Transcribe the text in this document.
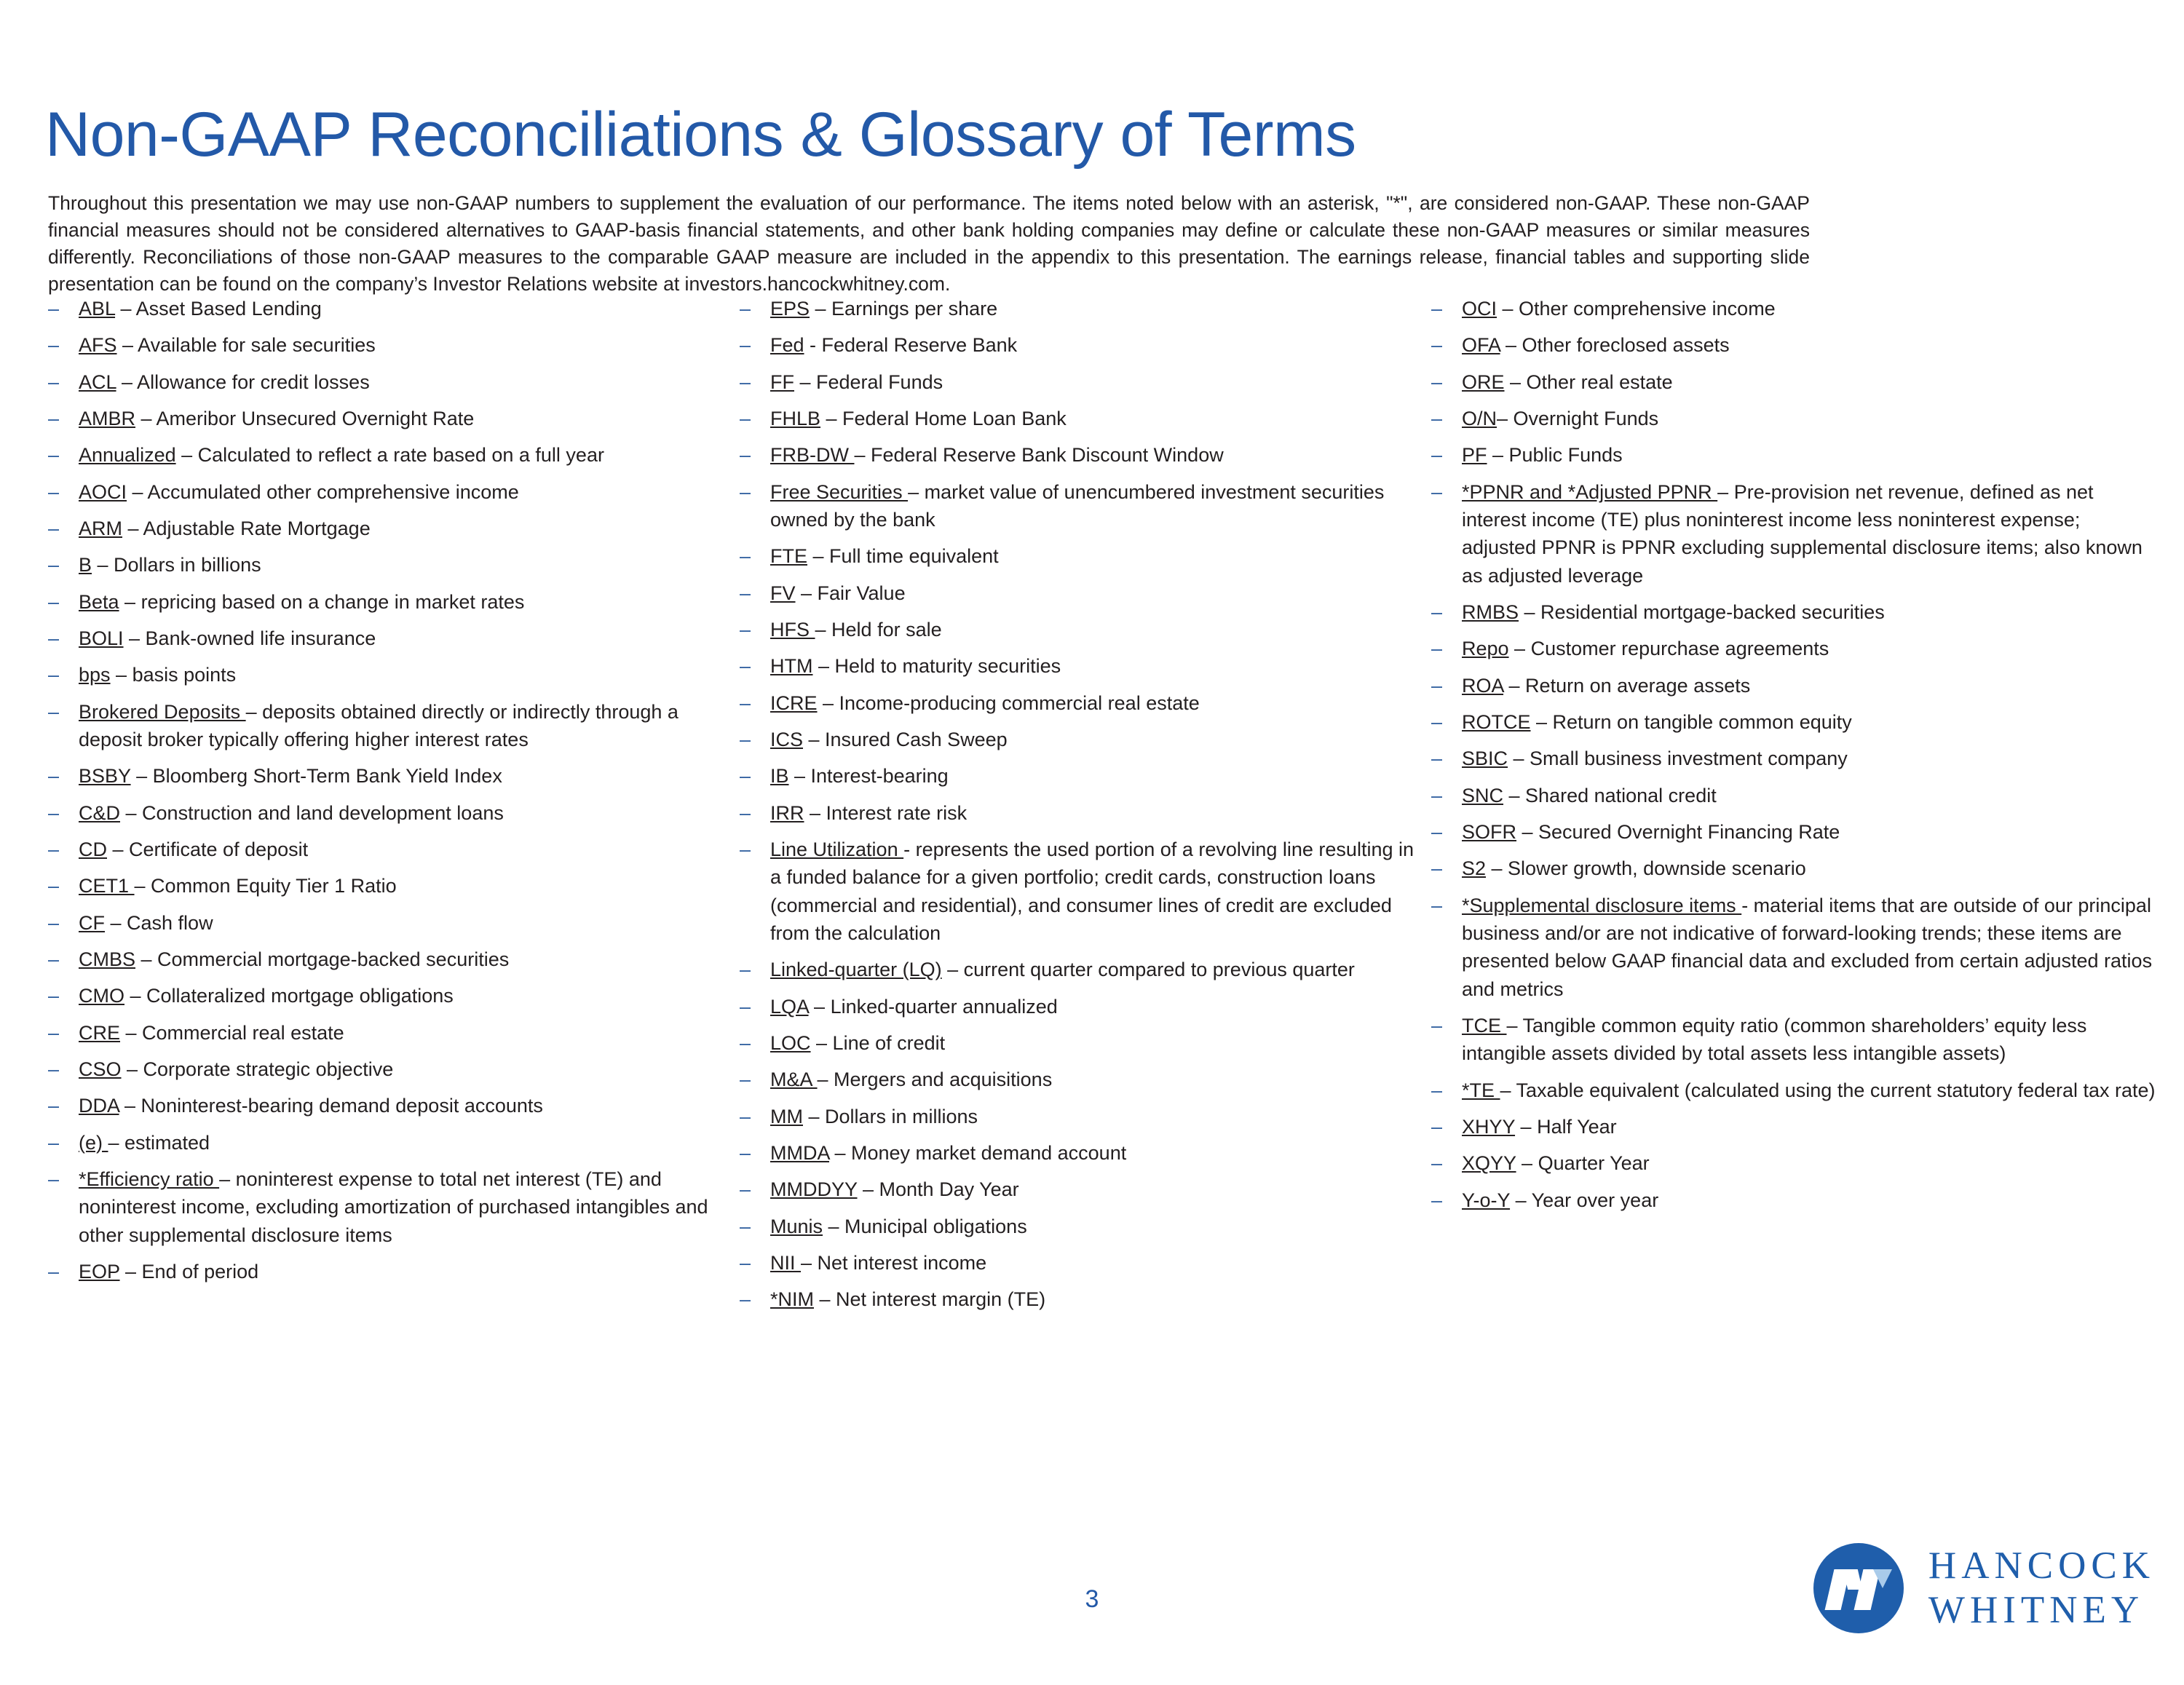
Non-GAAP Reconciliations & Glossary of Terms

Throughout this presentation we may use non-GAAP numbers to supplement the evaluation of our performance. The items noted below with an asterisk, "*", are considered non-GAAP. These non-GAAP financial measures should not be considered alternatives to GAAP-basis financial statements, and other bank holding companies may define or calculate these non-GAAP measures or similar measures differently. Reconciliations of those non-GAAP measures to the comparable GAAP measure are included in the appendix to this presentation. The earnings release, financial tables and supporting slide presentation can be found on the company’s Investor Relations website at investors.hancockwhitney.com.

– ABL – Asset Based Lending
– AFS – Available for sale securities
– ACL – Allowance for credit losses
– AMBR – Ameribor Unsecured Overnight Rate
– Annualized – Calculated to reflect a rate based on a full year
– AOCI – Accumulated other comprehensive income
– ARM – Adjustable Rate Mortgage
– B – Dollars in billions
– Beta – repricing based on a change in market rates
– BOLI – Bank-owned life insurance
– bps – basis points
– Brokered Deposits – deposits obtained directly or indirectly through a deposit broker typically offering higher interest rates
– BSBY – Bloomberg Short-Term Bank Yield Index
– C&D – Construction and land development loans
– CD – Certificate of deposit
– CET1 – Common Equity Tier 1 Ratio
– CF – Cash flow
– CMBS – Commercial mortgage-backed securities
– CMO – Collateralized mortgage obligations
– CRE – Commercial real estate
– CSO – Corporate strategic objective
– DDA – Noninterest-bearing demand deposit accounts
– (e) – estimated
– *Efficiency ratio – noninterest expense to total net interest (TE) and noninterest income, excluding amortization of purchased intangibles and other supplemental disclosure items
– EOP – End of period
– EPS – Earnings per share
– Fed - Federal Reserve Bank
– FF – Federal Funds
– FHLB – Federal Home Loan Bank
– FRB-DW – Federal Reserve Bank Discount Window
– Free Securities – market value of unencumbered investment securities owned by the bank
– FTE – Full time equivalent
– FV – Fair Value
– HFS – Held for sale
– HTM – Held to maturity securities
– ICRE – Income-producing commercial real estate
– ICS – Insured Cash Sweep
– IB – Interest-bearing
– IRR – Interest rate risk
– Line Utilization - represents the used portion of a revolving line resulting in a funded balance for a given portfolio; credit cards, construction loans (commercial and residential), and consumer lines of credit are excluded from the calculation
– Linked-quarter (LQ) – current quarter compared to previous quarter
– LQA – Linked-quarter annualized
– LOC – Line of credit
– M&A – Mergers and acquisitions
– MM – Dollars in millions
– MMDA – Money market demand account
– MMDDYY – Month Day Year
– Munis – Municipal obligations
– NII – Net interest income
– *NIM – Net interest margin (TE)
– OCI – Other comprehensive income
– OFA – Other foreclosed assets
– ORE – Other real estate
– O/N– Overnight Funds
– PF – Public Funds
– *PPNR and *Adjusted PPNR – Pre-provision net revenue, defined as net interest income (TE) plus noninterest income less noninterest expense; adjusted PPNR is PPNR excluding supplemental disclosure items; also known as adjusted leverage
– RMBS – Residential mortgage-backed securities
– Repo – Customer repurchase agreements
– ROA – Return on average assets
– ROTCE – Return on tangible common equity
– SBIC – Small business investment company
– SNC – Shared national credit
– SOFR – Secured Overnight Financing Rate
– S2 – Slower growth, downside scenario
– *Supplemental disclosure items - material items that are outside of our principal business and/or are not indicative of forward-looking trends; these items are presented below GAAP financial data and excluded from certain adjusted ratios and metrics
– TCE – Tangible common equity ratio (common shareholders’ equity less intangible assets divided by total assets less intangible assets)
– *TE – Taxable equivalent (calculated using the current statutory federal tax rate)
– XHYY – Half Year
– XQYY – Quarter Year
– Y-o-Y – Year over year
3
HANCOCK
WHITNEY
